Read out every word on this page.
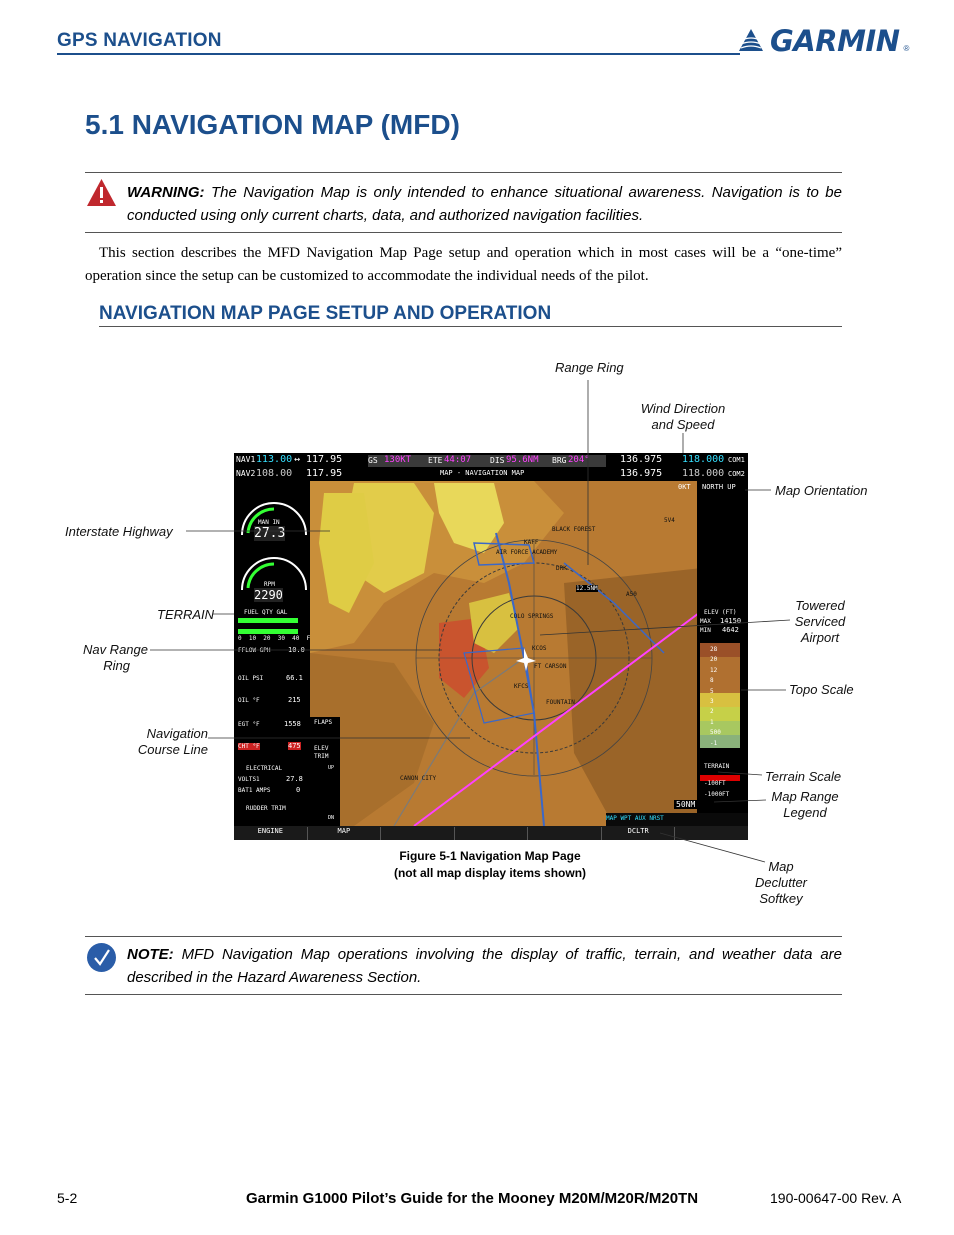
GPS NAVIGATION	GARMIN ®
5.1 NAVIGATION MAP (MFD)
WARNING: The Navigation Map is only intended to enhance situational awareness. Navigation is to be conducted using only current charts, data, and authorized navigation facilities.
This section describes the MFD Navigation Map Page setup and operation which in most cases will be a “one-time” operation since the setup can be customized to accommodate the individual needs of the pilot.
NAVIGATION MAP PAGE SETUP AND OPERATION
NAV1 113.00 ↔ 117.95
NAV2 108.00 117.95
GS 130KT ETE 44:07 DIS 95.6NM BRG 204°
MAP - NAVIGATION MAP
136.975 118.000 COM1
136.975 118.000 COM2
0KT NORTH UP
MAN IN
27.3
RPM
2290
FUEL QTY GAL
0  10  20  30  40  F
FFLOW GPH 10.0
OIL PSI	66.1
OIL °F	215
EGT °F	1558
CHT °F	475
ELECTRICAL
VOLTS1	27.8
BAT1 AMPS	0
RUDDER TRIM
FLAPS
ELEV TRIM
UP
DN
ELEV (FT)
MAX 14150
MIN 4642
28
20
12
8
5
3
2
1
500
-1
TERRAIN
-100FT
-1000FT
50NM
12.5NM
KAFF
KCOS
KFCS
5V4
A50
DRK
FOUNTAIN
BLACK FOREST
AIR FORCE ACADEMY
COLO SPRINGS
FT CARSON
CANON CITY
MAP WPT AUX NRST
ENGINE	MAP	DCLTR
Range Ring
Wind Direction
and Speed
Map Orientation
Interstate Highway
TERRAIN
Nav Range
Ring
Towered
Serviced
Airport
Topo Scale
Navigation
Course Line
Terrain Scale
Map Range
Legend
Map
Declutter
Softkey
Figure 5-1 Navigation Map Page
(not all map display items shown)
NOTE: MFD Navigation Map operations involving the display of traffic, terrain, and weather data are described in the Hazard Awareness Section.
5-2	Garmin G1000 Pilot’s Guide for the Mooney M20M/M20R/M20TN	190-00647-00 Rev. A
